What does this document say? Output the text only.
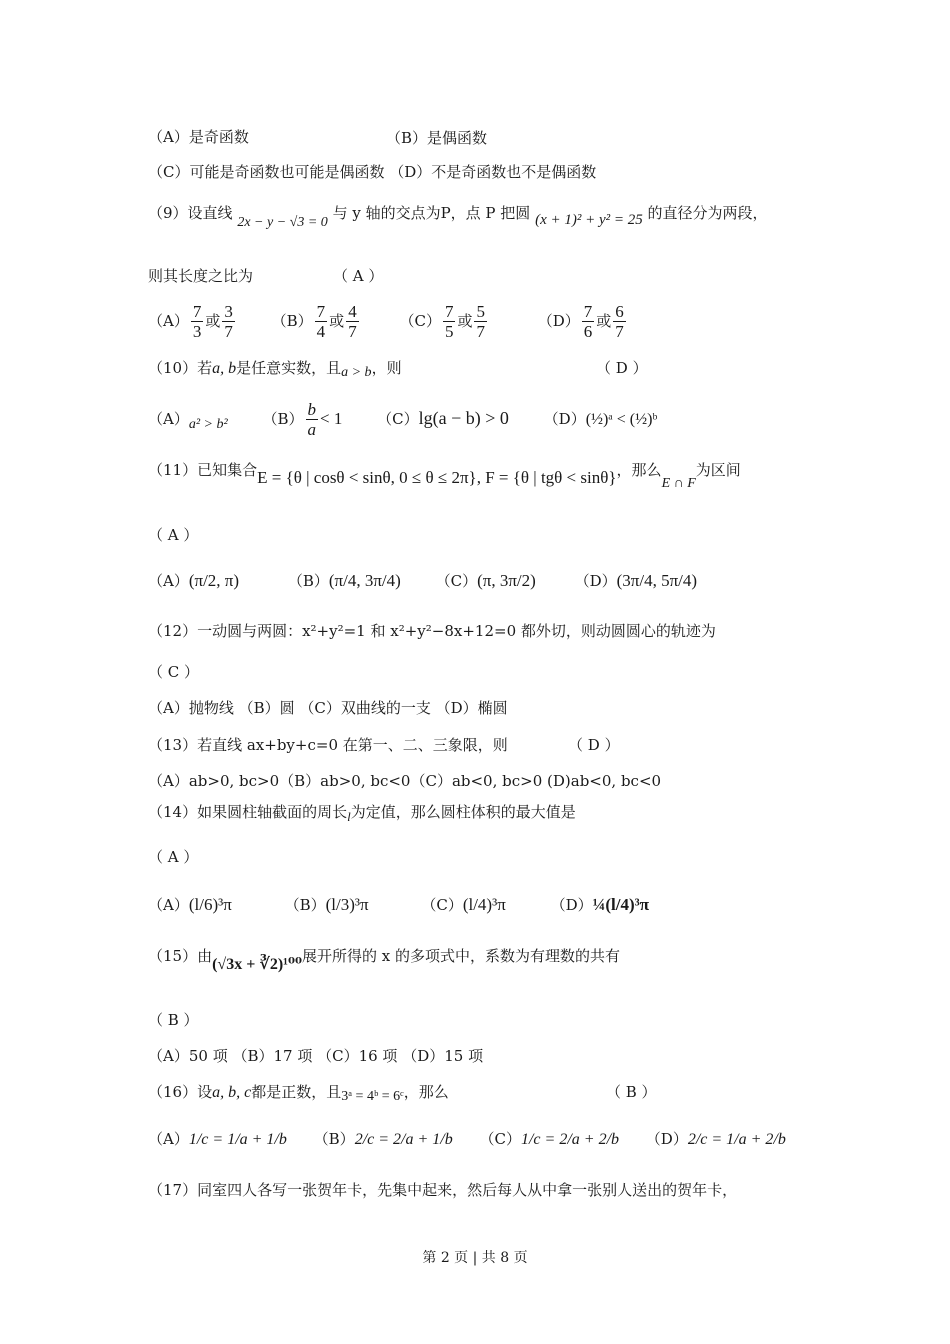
（A）是奇函数	（B）是偶函数
（C）可能是奇函数也可能是偶函数 （D）不是奇函数也不是偶函数
（9）设直线 2x − y − √3 = 0 与 y 轴的交点为P，点 P 把圆 (x + 1)² + y² = 25 的直径分为两段，
则其长度之比为	（ A ）
$(A) \frac{7}{3}$ 或 $\frac{3}{7} (B) \frac{7}{4}$ 或 $\frac{4}{7}$	$(C) \frac{7}{5}$ 或 $\frac{5}{7}$	$(D) \frac{7}{6}$ 或 $\frac{6}{7}$
（10）若a, b是任意实数，且a > b，则	（ D ）
（A）a² > b² $(B) \frac{b}{a} < 1$ （C）lg(a − b) > 0 （D）(½)ᵃ < (½)ᵇ
（11）已知集合E = {θ | cosθ < sinθ, 0 ≤ θ ≤ 2π}, F = {θ | tgθ < sinθ}，那么E ∩ F为区间
（ A ）
（A）(π/2, π)	（B）(π/4, 3π/4) （C）(π, 3π/2)	（D）(3π/4, 5π/4)
（12）一动圆与两圆：x²+y²=1 和 x²+y²−8x+12=0 都外切，则动圆圆心的轨迹为
（ C ）
（A）抛物线 （B）圆 （C）双曲线的一支 （D）椭圆
（13）若直线 ax+by+c=0 在第一、二、三象限，则	（ D ）
（A）ab>0, bc>0（B）ab>0, bc<0（C）ab<0, bc>0 (D)ab<0, bc<0
（14）如果圆柱轴截面的周长l为定值，那么圆柱体积的最大值是
（ A ）
（A）(l/6)³π	（B）(l/3)³π	（C）(l/4)³π	（D）¼(l/4)³π
（15）由(√3x + ∛2)¹⁰⁰展开所得的 x 的多项式中，系数为有理数的共有
（ B ）
（A）50 项 （B）17 项 （C）16 项 （D）15 项
（16）设a, b, c都是正数，且3ᵃ = 4ᵇ = 6ᶜ，那么	（ B ）
（A）1/c = 1/a + 1/b （B）2/c = 2/a + 1/b （C）1/c = 2/a + 2/b （D）2/c = 1/a + 2/b
（17）同室四人各写一张贺年卡，先集中起来，然后每人从中拿一张别人送出的贺年卡，
第 2 页 | 共 8 页
